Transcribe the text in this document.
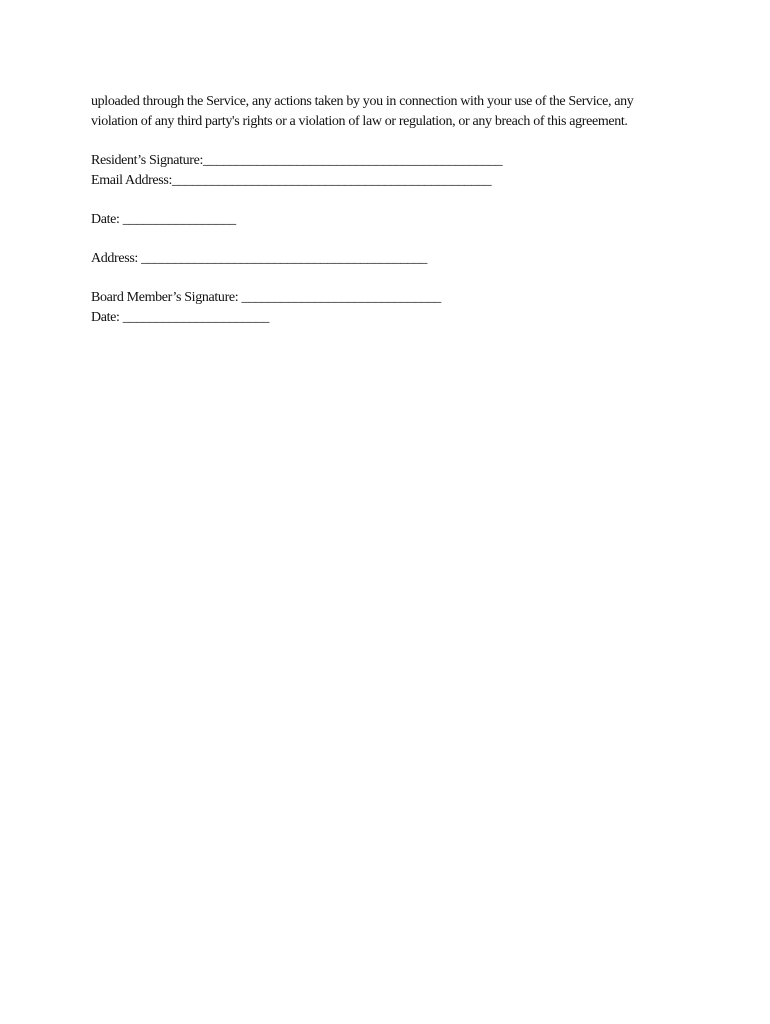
uploaded through the Service, any actions taken by you in connection with your use of the Service, any
violation of any third party's rights or a violation of law or regulation, or any breach of this agreement.
Resident’s Signature:_____________________________________________
Email Address:________________________________________________
Date: _________________
Address: ___________________________________________
Board Member’s Signature: ______________________________
Date: ______________________
